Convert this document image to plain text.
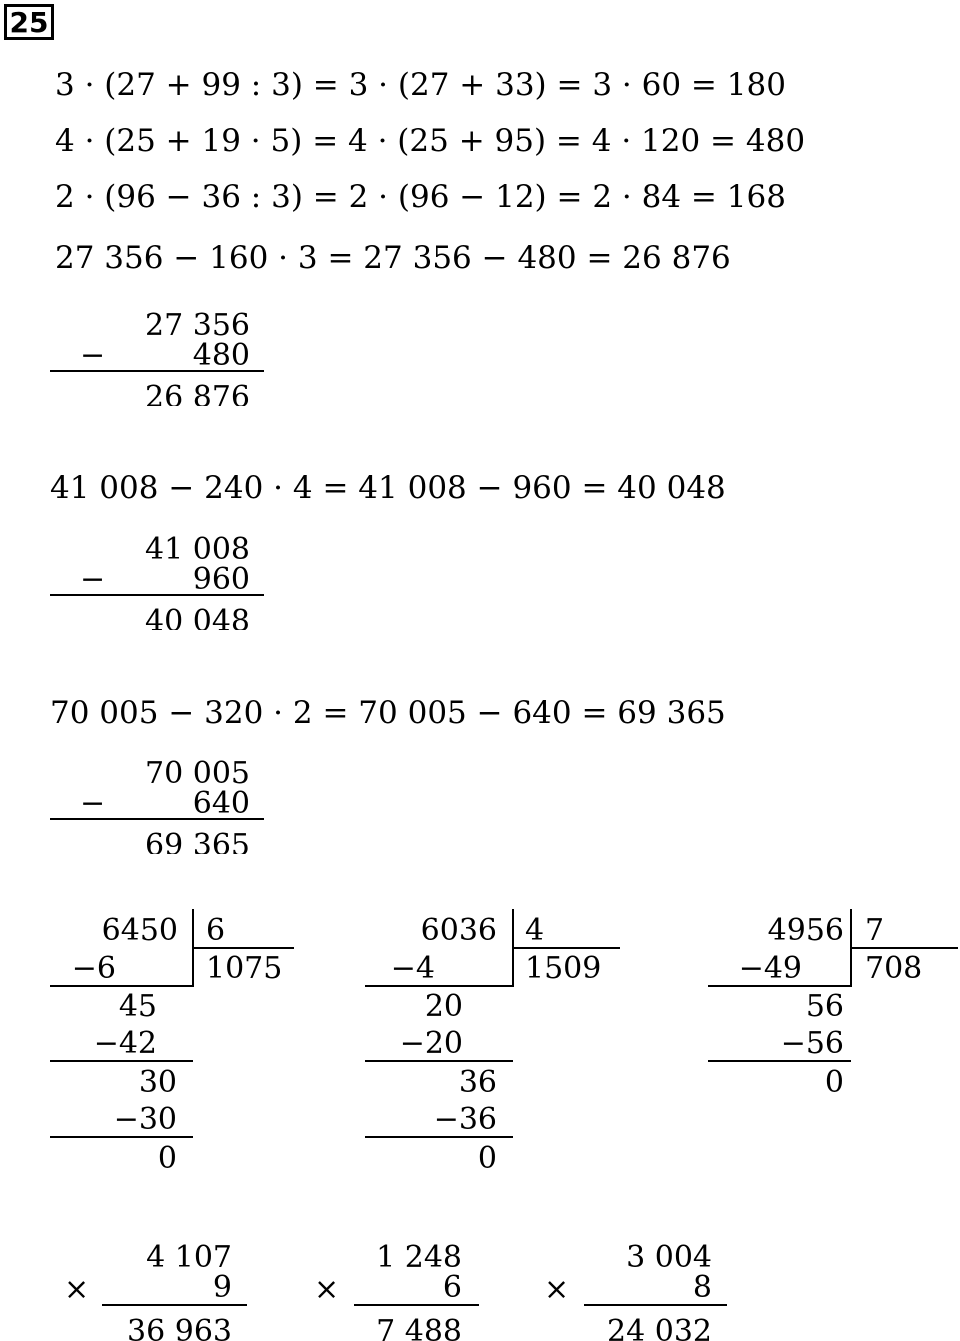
25
3 · (27 + 99 : 3) = 3 · (27 + 33) = 3 · 60 = 180
4 · (25 + 19 · 5) = 4 · (25 + 95) = 4 · 120 = 480
2 · (96 − 36 : 3) = 2 · (96 − 12) = 2 · 84 = 168
27 356 − 160 · 3 = 27 356 − 480 = 26 876
27 356
−	480
26 876
41 008 − 240 · 4 = 41 008 − 960 = 40 048
41 008
−	960
40 048
70 005 − 320 · 2 = 70 005 − 640 = 69 365
70 005
−	640
69 365
6450 6
1075
−6
45
−42
30
−30
0
6036 4
1509
−4
20
−20
36
−36
0
4956 7
708
−49
56
−56
0
4 107
×	9
36 963
1 248
×	6
7 488
3 004
×	8
24 032
